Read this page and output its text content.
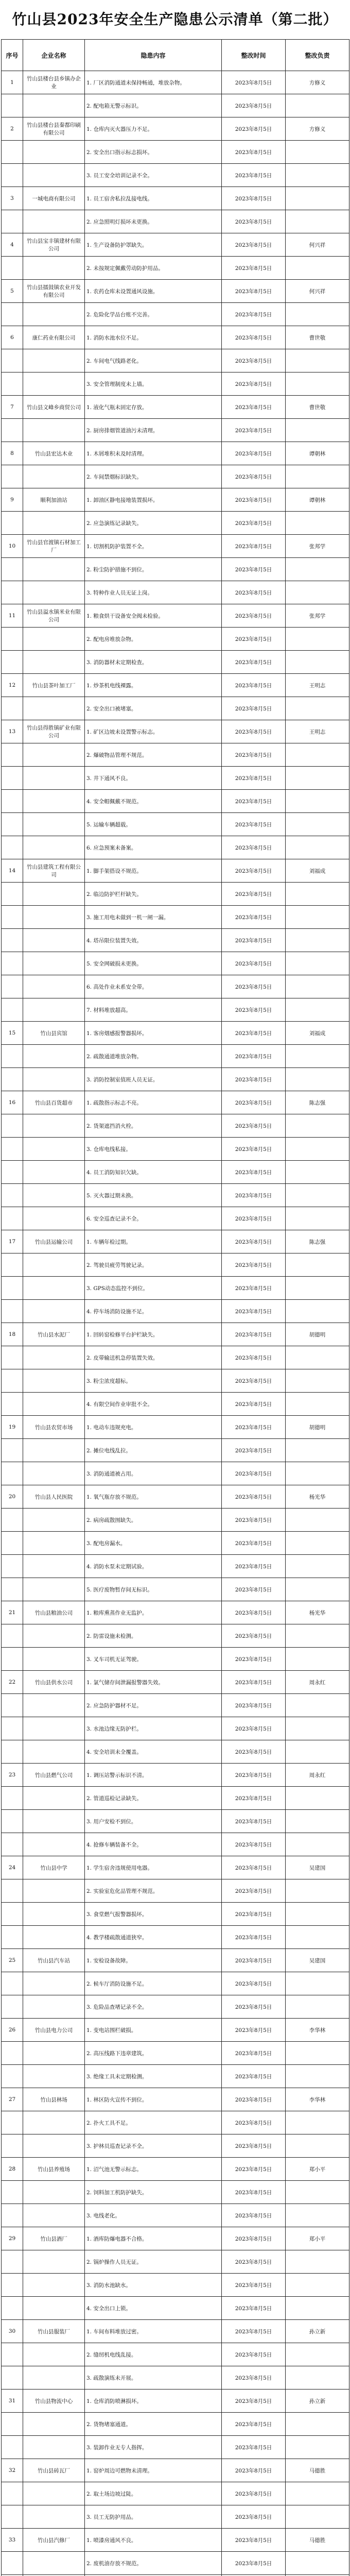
竹山县2023年安全生产隐患公示清单（第二批）
序号	企业名称	隐患内容	整改时间	整改负责
1	竹山县楼台县乡镇办企业	1. 厂区消防通道未保持畅通，堆放杂物。	2023年8月5日	方修义
		2. 配电箱无警示标识。	2023年8月5日	
2	竹山县楼台县秦都印刷有限公司	1. 仓库内灭火器压力不足。	2023年8月5日	方修义
		2. 安全出口指示标志损坏。	2023年8月5日	
		3. 员工安全培训记录不全。	2023年8月5日	
3	一城电商有限公司	1. 员工宿舍私拉乱接电线。	2023年8月5日	
		2. 应急照明灯损坏未更换。	2023年8月5日	
4	竹山县宝丰镇建材有限公司	1. 生产设备防护罩缺失。	2023年8月5日	何兴祥
		2. 未按规定佩戴劳动防护用品。	2023年8月5日	
5	竹山县擂鼓镇农业开发有限公司	1. 农药仓库未设置通风设施。	2023年8月5日	何兴祥
		2. 危险化学品台账不完善。	2023年8月5日	
6	康仁药业有限公司	1. 消防水池水位不足。	2023年8月5日	曹世敬
		2. 车间电气线路老化。	2023年8月5日	
		3. 安全管理制度未上墙。	2023年8月5日	
7	竹山县文峰乡商贸公司	1. 液化气瓶未固定存放。	2023年8月5日	曹世敬
		2. 厨房排烟管道油污未清理。	2023年8月5日	
8	竹山县宏达木业	1. 木屑堆积未及时清理。	2023年8月5日	谭朝林
		2. 车间禁烟标识缺失。	2023年8月5日	
9	顺利加油站	1. 卸油区静电接地装置损坏。	2023年8月5日	谭朝林
		2. 应急演练记录缺失。	2023年8月5日	
10	竹山县官渡镇石材加工厂	1. 切割机防护装置不全。	2023年8月5日	张邦学
		2. 粉尘防护措施不到位。	2023年8月5日	
		3. 特种作业人员无证上岗。	2023年8月5日	
11	竹山县溢水镇米业有限公司	1. 粮食烘干设备安全阀未检验。	2023年8月5日	张邦学
		2. 配电房堆放杂物。	2023年8月5日	
		3. 消防器材未定期检查。	2023年8月5日	
12	竹山县茶叶加工厂	1. 炒茶机电线裸露。	2023年8月5日	王明志
		2. 安全出口被堵塞。	2023年8月5日	
13	竹山县得胜镇矿业有限公司	1. 矿区边坡未设置警示标志。	2023年8月5日	王明志
		2. 爆破物品管理不规范。	2023年8月5日	
		3. 井下通风不良。	2023年8月5日	
		4. 安全帽佩戴不规范。	2023年8月5日	
		5. 运输车辆超载。	2023年8月5日	
		6. 应急预案未备案。	2023年8月5日	
14	竹山县建筑工程有限公司	1. 脚手架搭设不规范。	2023年8月5日	刘福成
		2. 临边防护栏杆缺失。	2023年8月5日	
		3. 施工用电未做到一机一闸一漏。	2023年8月5日	
		4. 塔吊限位装置失效。	2023年8月5日	
		5. 安全网破损未更换。	2023年8月5日	
		6. 高处作业未系安全带。	2023年8月5日	
		7. 材料堆放超高。	2023年8月5日	
15	竹山县宾馆	1. 客房烟感报警器损坏。	2023年8月5日	刘福成
		2. 疏散通道堆放杂物。	2023年8月5日	
		3. 消防控制室值班人员无证。	2023年8月5日	
16	竹山县百货超市	1. 疏散指示标志不亮。	2023年8月5日	陈志强
		2. 货架遮挡消火栓。	2023年8月5日	
		3. 仓库电线私接。	2023年8月5日	
		4. 员工消防知识欠缺。	2023年8月5日	
		5. 灭火器过期未换。	2023年8月5日	
		6. 安全巡查记录不全。	2023年8月5日	
17	竹山县运输公司	1. 车辆年检过期。	2023年8月5日	陈志强
		2. 驾驶员疲劳驾驶记录。	2023年8月5日	
		3. GPS动态监控不到位。	2023年8月5日	
		4. 停车场消防设施不足。	2023年8月5日	
18	竹山县水泥厂	1. 回转窑检修平台护栏缺失。	2023年8月5日	胡德明
		2. 皮带输送机急停装置失效。	2023年8月5日	
		3. 粉尘浓度超标。	2023年8月5日	
		4. 有限空间作业审批不全。	2023年8月5日	
19	竹山县农贸市场	1. 电动车违规充电。	2023年8月5日	胡德明
		2. 摊位电线乱拉。	2023年8月5日	
		3. 消防通道被占用。	2023年8月5日	
20	竹山县人民医院	1. 氧气瓶存放不规范。	2023年8月5日	杨光华
		2. 病房疏散图缺失。	2023年8月5日	
		3. 配电房漏水。	2023年8月5日	
		4. 消防水泵未定期试验。	2023年8月5日	
		5. 医疗废物暂存间无标识。	2023年8月5日	
21	竹山县粮油公司	1. 粮库熏蒸作业无监护。	2023年8月5日	杨光华
		2. 防雷设施未检测。	2023年8月5日	
		3. 叉车司机无证驾驶。	2023年8月5日	
22	竹山县供水公司	1. 氯气储存间泄漏报警器失效。	2023年8月5日	周永红
		2. 应急防护器材不足。	2023年8月5日	
		3. 水池边缘无防护栏。	2023年8月5日	
		4. 安全培训未全覆盖。	2023年8月5日	
23	竹山县燃气公司	1. 调压站警示标识不清。	2023年8月5日	周永红
		2. 管道巡检记录缺失。	2023年8月5日	
		3. 用户安检不到位。	2023年8月5日	
		4. 抢修车辆装备不全。	2023年8月5日	
24	竹山县中学	1. 学生宿舍违规使用电器。	2023年8月5日	吴建国
		2. 实验室危化品管理不规范。	2023年8月5日	
		3. 食堂燃气报警器损坏。	2023年8月5日	
		4. 教学楼疏散通道狭窄。	2023年8月5日	
25	竹山县汽车站	1. 安检设备故障。	2023年8月5日	吴建国
		2. 候车厅消防设施不足。	2023年8月5日	
		3. 危险品查堵记录不全。	2023年8月5日	
26	竹山县电力公司	1. 变电站围栏破损。	2023年8月5日	李华林
		2. 高压线路下违章建筑。	2023年8月5日	
		3. 绝缘工具未定期检测。	2023年8月5日	
27	竹山县林场	1. 林区防火宣传不到位。	2023年8月5日	李华林
		2. 扑火工具不足。	2023年8月5日	
		3. 护林员巡查记录不全。	2023年8月5日	
28	竹山县养殖场	1. 沼气池无警示标志。	2023年8月5日	郑小平
		2. 饲料加工机防护缺失。	2023年8月5日	
		3. 电线老化。	2023年8月5日	
29	竹山县酒厂	1. 酒库防爆电器不合格。	2023年8月5日	郑小平
		2. 锅炉操作人员无证。	2023年8月5日	
		3. 消防水池缺水。	2023年8月5日	
		4. 安全出口上锁。	2023年8月5日	
30	竹山县服装厂	1. 车间布料堆放过密。	2023年8月5日	孙立新
		2. 缝纫机电线乱接。	2023年8月5日	
		3. 疏散演练未开展。	2023年8月5日	
31	竹山县物流中心	1. 仓库消防喷淋损坏。	2023年8月5日	孙立新
		2. 货物堵塞通道。	2023年8月5日	
		3. 装卸作业无专人指挥。	2023年8月5日	
32	竹山县砖瓦厂	1. 窑炉周边可燃物未清理。	2023年8月5日	马德胜
		2. 取土场边坡过陡。	2023年8月5日	
		3. 员工无防护用品。	2023年8月5日	
33	竹山县汽修厂	1. 喷漆房通风不良。	2023年8月5日	马德胜
		2. 废机油存放不规范。	2023年8月5日	
